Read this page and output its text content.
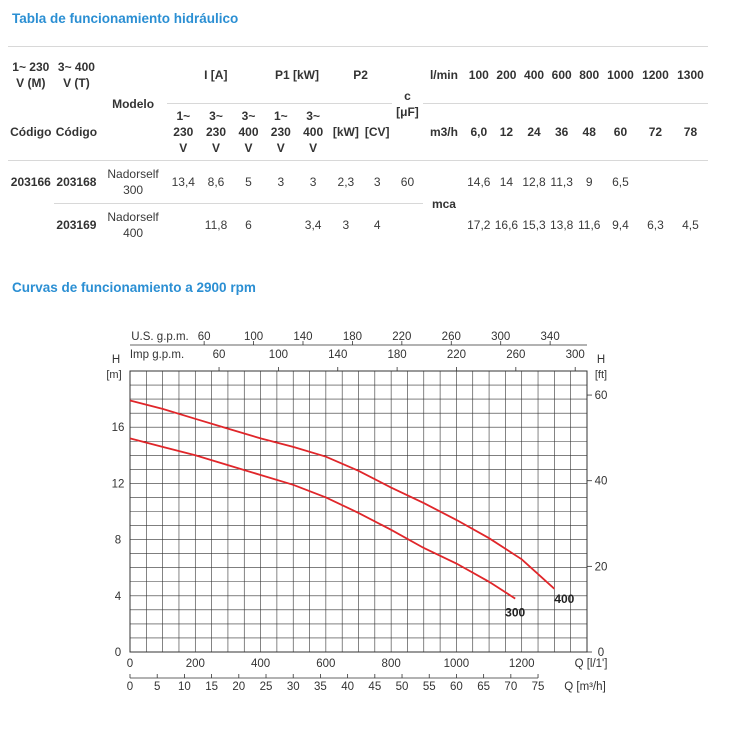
Tabla de funcionamiento hidráulico
1~ 230 V (M)	3~ 400 V (T)	Modelo	I [A]			P1 [kW]		P2		c [μF]	l/min	100	200	400	600	800	1000	1200	1300
Código	Código		1~ 230 V	3~ 230 V	3~ 400 V	1~ 230 V	3~ 400 V	[kW]	[CV]		m3/h	6,0	12	24	36	48	60	72	78
203166	203168	Nadorself 300	13,4	8,6	5	3	3	2,3	3	60	mca	14,6	14	12,8	11,3	9	6,5		
	203169	Nadorself 400		11,8	6		3,4	3	4			17,2	16,6	15,3	13,8	11,6	9,4	6,3	4,5
Curvas de funcionamiento a 2900 rpm
300
400
0
4
8
12
16
H
[m]
0
20
40
60
H
[ft]
0	200	400	600	800	1000	1200	Q [l/1']
0 5 10 15 20 25 30 35 40 45 50 55 60 65 70 75 Q [m³/h]
U.S. g.p.m. 60	100	140	180	220	260	300	340
Imp g.p.m. 60	100	140	180	220	260	300
